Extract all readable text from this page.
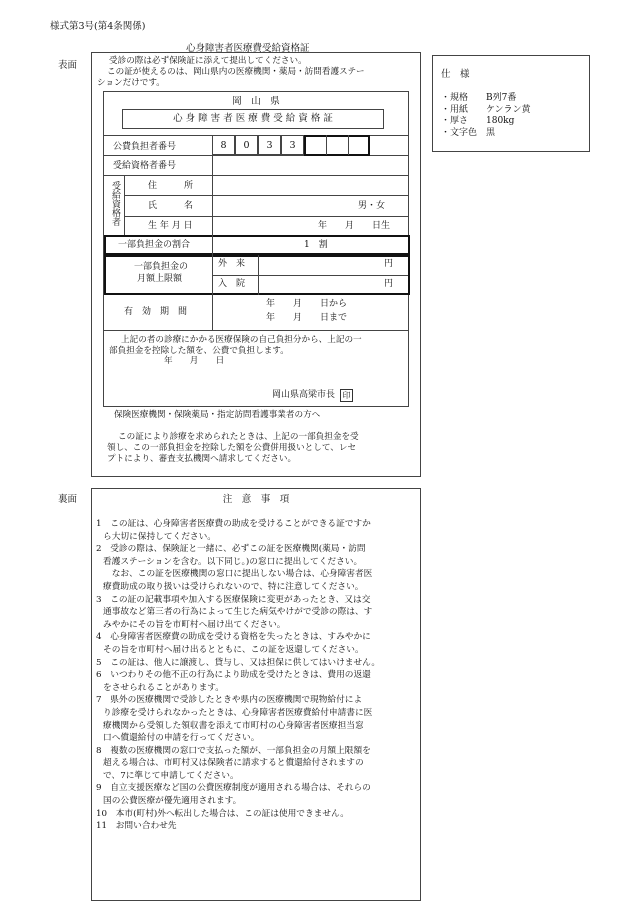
様式第3号(第4条関係)
心身障害者医療費受給資格証
表面	受診の際は必ず保険証に添えて提出してください。
この証が使えるのは、岡山県内の医療機関・薬局・訪問看護ステー
ションだけです。
岡　山　県
心 身 障 害 者 医 療 費 受 給 資 格 証
公費負担者番号	8	0	3	3
受給資格者番号
受給資格者	住　　　所
氏　　　名	男・女
生 年 月 日	年　　月　　日生
一部負担金の割合	1　割
一部負担金の
月額上限額
外　来	円
入　院	円
有　効　期　間
年　　月　　日から
年　　月　　日まで
上記の者の診療にかかる医療保険の自己負担分から、上記の一
部負担金を控除した額を、公費で負担します。
年　　月　　日
岡山県高梁市長 印
保険医療機関・保険薬局・指定訪問看護事業者の方へ
この証により診療を求められたときは、上記の一部負担金を受
領し、この一部負担金を控除した額を公費併用扱いとして、レセ
プトにより、審査支払機関へ請求してください。
仕　様
・規格　　B列7番
・用紙　　ケンラン黄
・厚さ　　180kg
・文字色　黒
裏面	注　意　事　項

1　この証は、心身障害者医療費の助成を受けることができる証ですか

ら大切に保持してください。

2　受診の際は、保険証と一緒に、必ずこの証を医療機関(薬局・訪問

看護ステーションを含む。以下同じ。)の窓口に提出してください。

　なお、この証を医療機関の窓口に提出しない場合は、心身障害者医

療費助成の取り扱いは受けられないので、特に注意してください。

3　この証の記載事項や加入する医療保険に変更があったとき、又は交

通事故など第三者の行為によって生じた病気やけがで受診の際は、す

みやかにその旨を市町村へ届け出てください。

4　心身障害者医療費の助成を受ける資格を失ったときは、すみやかに

その旨を市町村へ届け出るとともに、この証を返還してください。

5　この証は、他人に譲渡し、貸与し、又は担保に供してはいけません。

6　いつわりその他不正の行為により助成を受けたときは、費用の返還

をさせられることがあります。

7　県外の医療機関で受診したときや県内の医療機関で現物給付によ

り診療を受けられなかったときは、心身障害者医療費給付申請書に医

療機関から受領した領収書を添えて市町村の心身障害者医療担当窓

口へ償還給付の申請を行ってください。

8　複数の医療機関の窓口で支払った額が、一部負担金の月額上限額を

超える場合は、市町村又は保険者に請求すると償還給付されますの

で、7に準じて申請してください。

9　自立支援医療など国の公費医療制度が適用される場合は、それらの

国の公費医療が優先適用されます。

10　本市(町村)外へ転出した場合は、この証は使用できません。

11　お問い合わせ先
